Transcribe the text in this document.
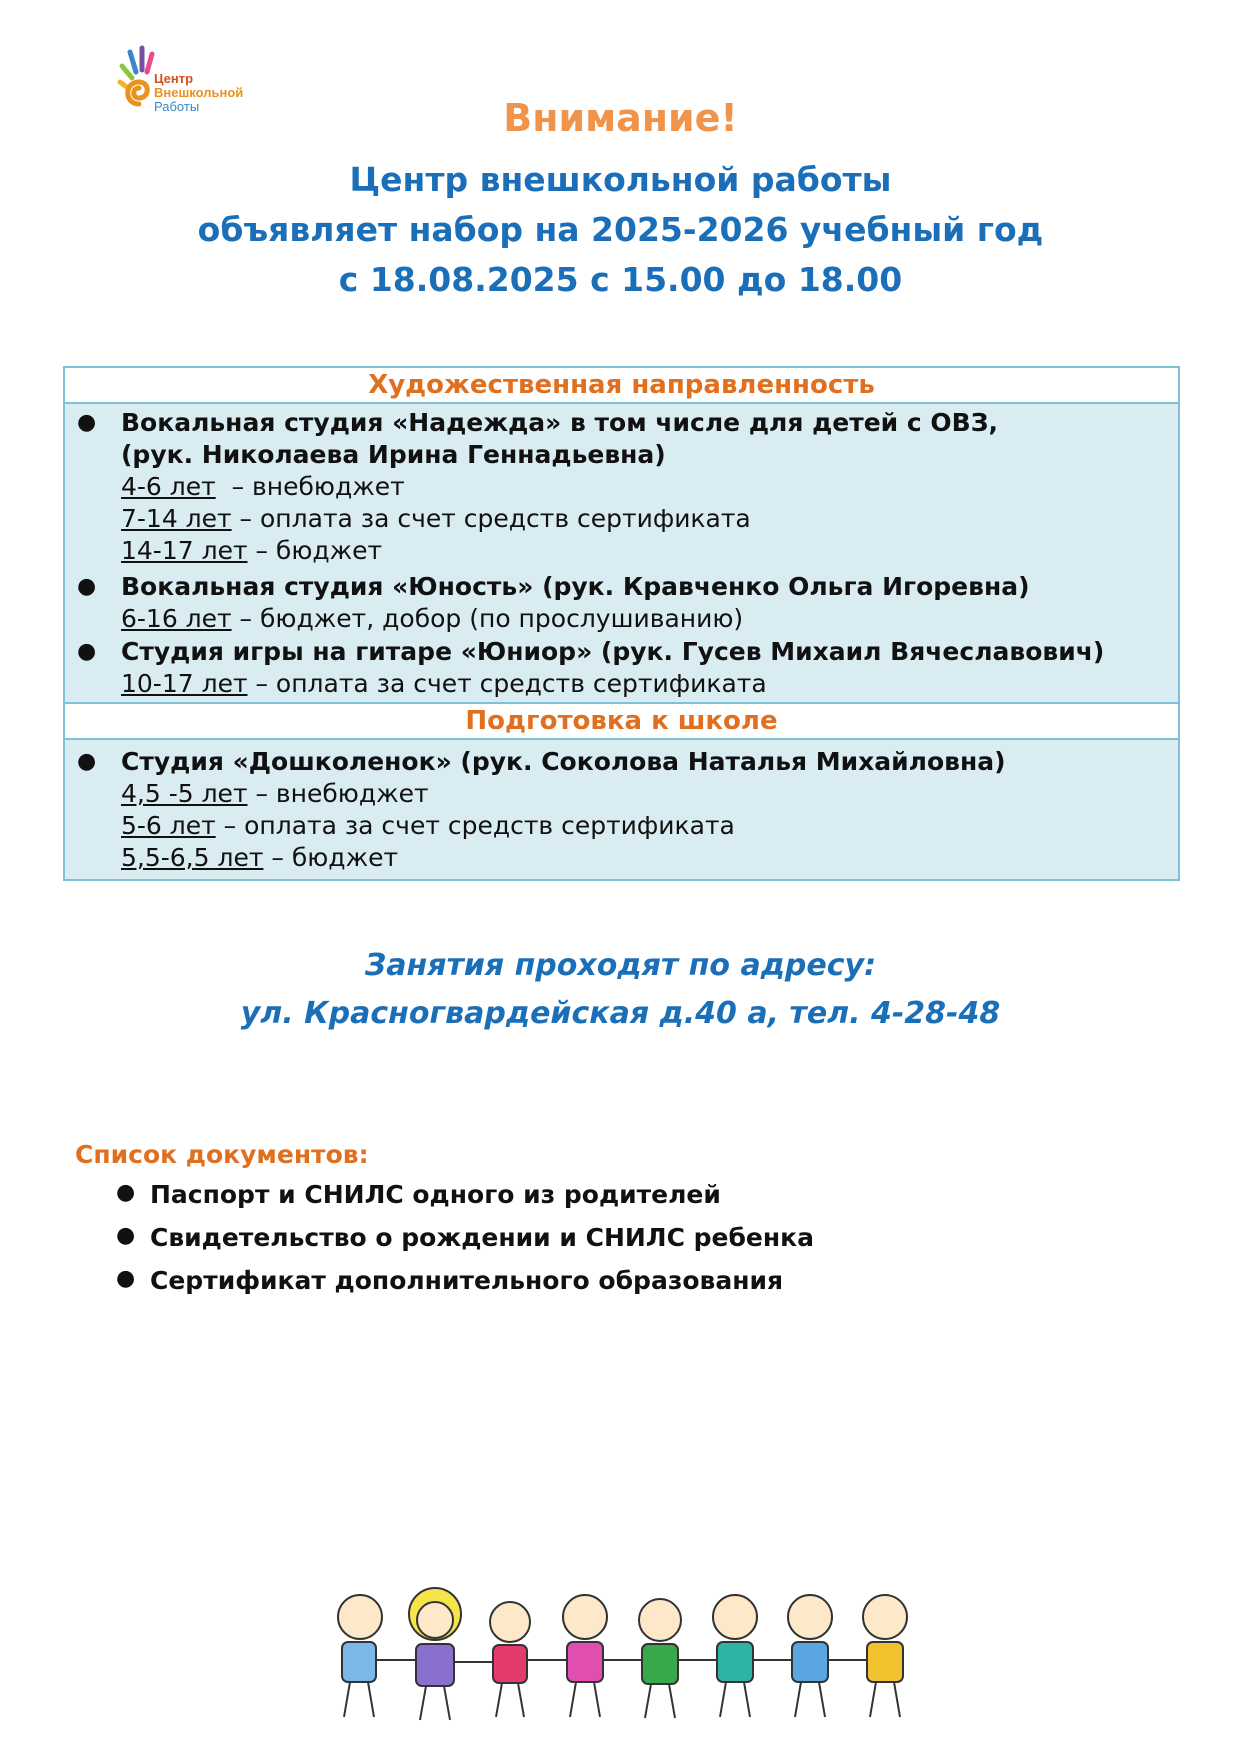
Центр
Внешкольной
Работы	Внимание!
Центр внешкольной работы
объявляет набор на 2025-2026 учебный год
с 18.08.2025 с 15.00 до 18.00
Художественная направленность
● Вокальная студия «Надежда» в том числе для детей с ОВЗ,
(рук. Николаева Ирина Геннадьевна)
4-6 лет  – внебюджет
7-14 лет – оплата за счет средств сертификата
14-17 лет – бюджет
● Вокальная студия «Юность» (рук. Кравченко Ольга Игоревна)
6-16 лет – бюджет, добор (по прослушиванию)
● Студия игры на гитаре «Юниор» (рук. Гусев Михаил Вячеславович)
10-17 лет – оплата за счет средств сертификата
Подготовка к школе
● Студия «Дошколенок» (рук. Соколова Наталья Михайловна)
4,5 -5 лет – внебюджет
5-6 лет – оплата за счет средств сертификата
5,5-6,5 лет – бюджет
Занятия проходят по адресу:
ул. Красногвардейская д.40 а, тел. 4-28-48
Список документов:
● Паспорт и СНИЛС одного из родителей
● Свидетельство о рождении и СНИЛС ребенка
● Сертификат дополнительного образования
